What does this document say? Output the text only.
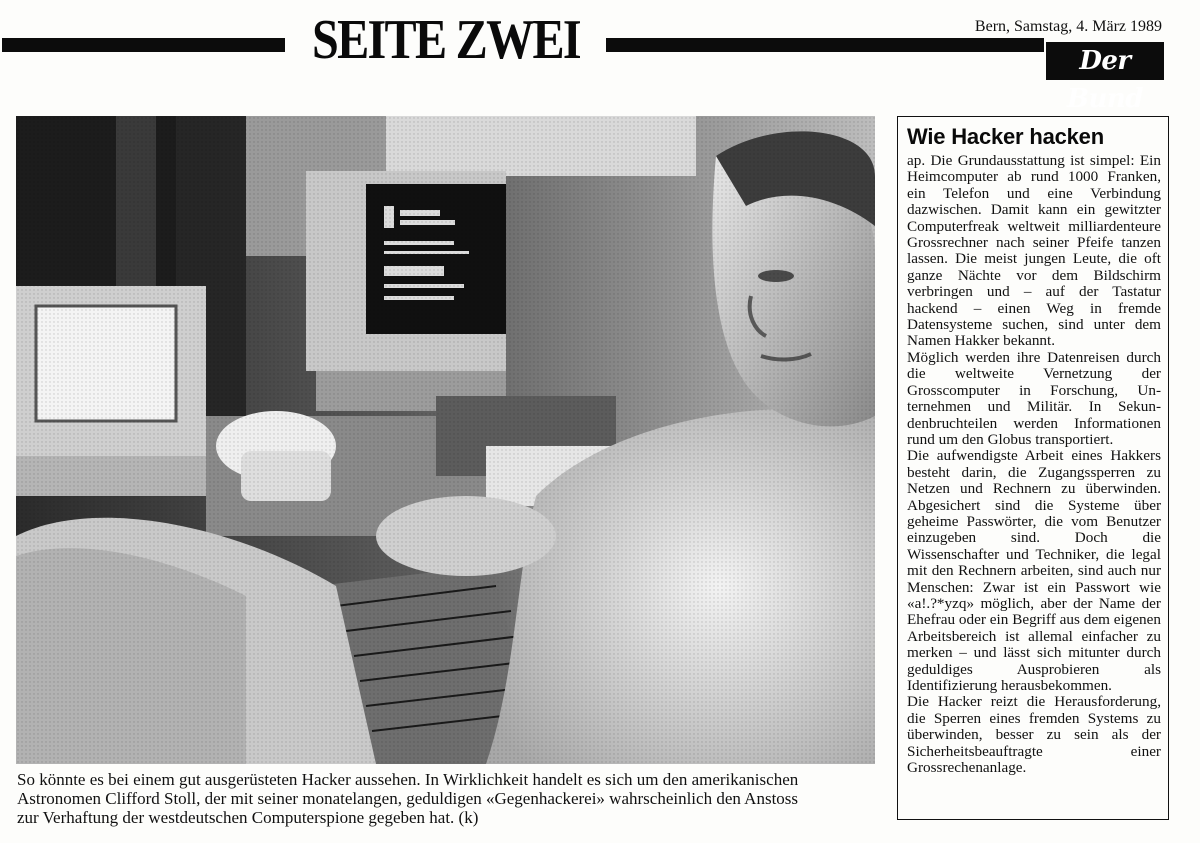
SEITE ZWEI	Bern, Samstag, 4. März 1989
Der Bund

So könnte es bei einem gut ausgerüsteten Hacker aussehen. In Wirklichkeit handelt es sich um den amerikanischen

Astronomen Clifford Stoll, der mit seiner monatelangen, geduldigen «Gegenhackerei» wahrscheinlich den Anstoss

zur Verhaftung der westdeutschen Computerspione gegeben hat. (k)

Wie Hacker hacken

ap. Die Grundausstattung ist simpel: Ein Heimcomputer ab rund 1000 Franken, ein Telefon und eine Verbindung dazwischen. Damit kann ein gewitzter Computerfreak weltweit milliardenteure Grossrechner nach seiner Pfeife tanzen lassen. Die meist jungen Leute, die oft ganze Nächte vor dem Bildschirm verbringen und – auf der Tastatur hackend – einen Weg in fremde Datensysteme suchen, sind unter dem Namen Hakker bekannt.

Möglich werden ihre Datenreisen durch die weltweite Vernetzung der Grosscomputer in Forschung, Unternehmen und Militär. In Sekundenbruchteilen werden Informationen rund um den Globus transportiert.

Die aufwendigste Arbeit eines Hakkers besteht darin, die Zugangssperren zu Netzen und Rechnern zu überwinden. Abgesichert sind die Systeme über geheime Passwörter, die vom Benutzer einzugeben sind. Doch die Wissenschafter und Techniker, die legal mit den Rechnern arbeiten, sind auch nur Menschen: Zwar ist ein Passwort wie «a!.?*yzq» möglich, aber der Name der Ehefrau oder ein Begriff aus dem eigenen Arbeitsbereich ist allemal einfacher zu merken – und lässt sich mitunter durch geduldiges Ausprobieren als Identifizierung herausbekommen.

Die Hacker reizt die Herausforderung, die Sperren eines fremden Systems zu überwinden, besser zu sein als der Sicherheitsbeauftragte einer Grossrechenanlage.
